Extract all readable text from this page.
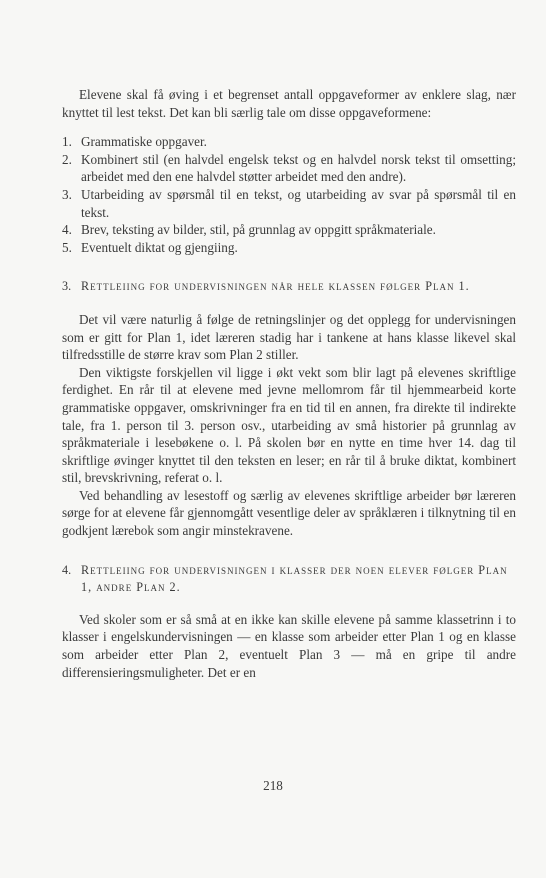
Elevene skal få øving i et begrenset antall oppgaveformer av enklere slag, nær knyttet til lest tekst. Det kan bli særlig tale om disse oppgaveformene:

1. Grammatiske oppgaver.
2. Kombinert stil (en halvdel engelsk tekst og en halvdel norsk tekst til omsetting; arbeidet med den ene halvdel støtter arbeidet med den andre).
3. Utarbeiding av spørsmål til en tekst, og utarbeiding av svar på spørsmål til en tekst.
4. Brev, teksting av bilder, stil, på grunnlag av oppgitt språkmateriale.
5. Eventuelt diktat og gjengiing.
3. Rettleiing for undervisningen når hele klassen følger Plan 1.

Det vil være naturlig å følge de retningslinjer og det opplegg for undervisningen som er gitt for Plan 1, idet læreren stadig har i tankene at hans klasse likevel skal tilfredsstille de større krav som Plan 2 stiller.

Den viktigste forskjellen vil ligge i økt vekt som blir lagt på elevenes skriftlige ferdighet. En rår til at elevene med jevne mellomrom får til hjemmearbeid korte grammatiske oppgaver, omskrivninger fra en tid til en annen, fra direkte til indirekte tale, fra 1. person til 3. person osv., utarbeiding av små historier på grunnlag av språkmateriale i lesebøkene o. l. På skolen bør en nytte en time hver 14. dag til skriftlige øvinger knyttet til den teksten en leser; en rår til å bruke diktat, kombinert stil, brevskrivning, referat o. l.

Ved behandling av lesestoff og særlig av elevenes skriftlige arbeider bør læreren sørge for at elevene får gjennomgått vesentlige deler av språklæren i tilknytning til en godkjent lærebok som angir minstekravene.

4. Rettleiing for undervisningen i klasser der noen elever følger Plan 1, andre Plan 2.

Ved skoler som er så små at en ikke kan skille elevene på samme klassetrinn i to klasser i engelskundervisningen — en klasse som arbeider etter Plan 1 og en klasse som arbeider etter Plan 2, eventuelt Plan 3 — må en gripe til andre differensieringsmuligheter. Det er en

218
